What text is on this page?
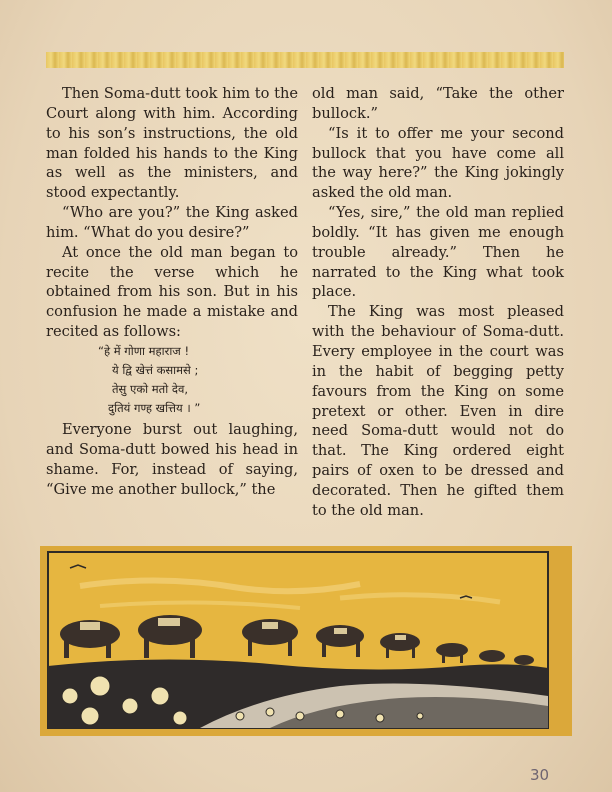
Then Soma-dutt took him to the Court along with him. According to his son’s instructions, the old man folded his hands to the King as well as the ministers, and stood expectantly.

“Who are you?” the King asked him. “What do you desire?”

At once the old man began to recite the verse which he obtained from his son. But in his confusion he made a mistake and recited as follows:

“हे में गोणा महाराज !
ये द्वि खेत्तं कसामसे ;
तेसु एको मतो देव,
दुतियं गण्ह खत्तिय । ”

Everyone burst out laughing, and Soma-dutt bowed his head in shame. For, instead of saying, “Give me another bullock,” the

old man said, “Take the other bullock.”

“Is it to offer me your second bullock that you have come all the way here?” the King jokingly asked the old man.

“Yes, sire,” the old man replied boldly. “It has given me enough trouble already.” Then he narrated to the King what took place.

The King was most pleased with the behaviour of Soma-dutt. Every employee in the court was in the habit of begging petty favours from the King on some pretext or other. Even in dire need Soma-dutt would not do that. The King ordered eight pairs of oxen to be dressed and decorated. Then he gifted them to the old man.

30
